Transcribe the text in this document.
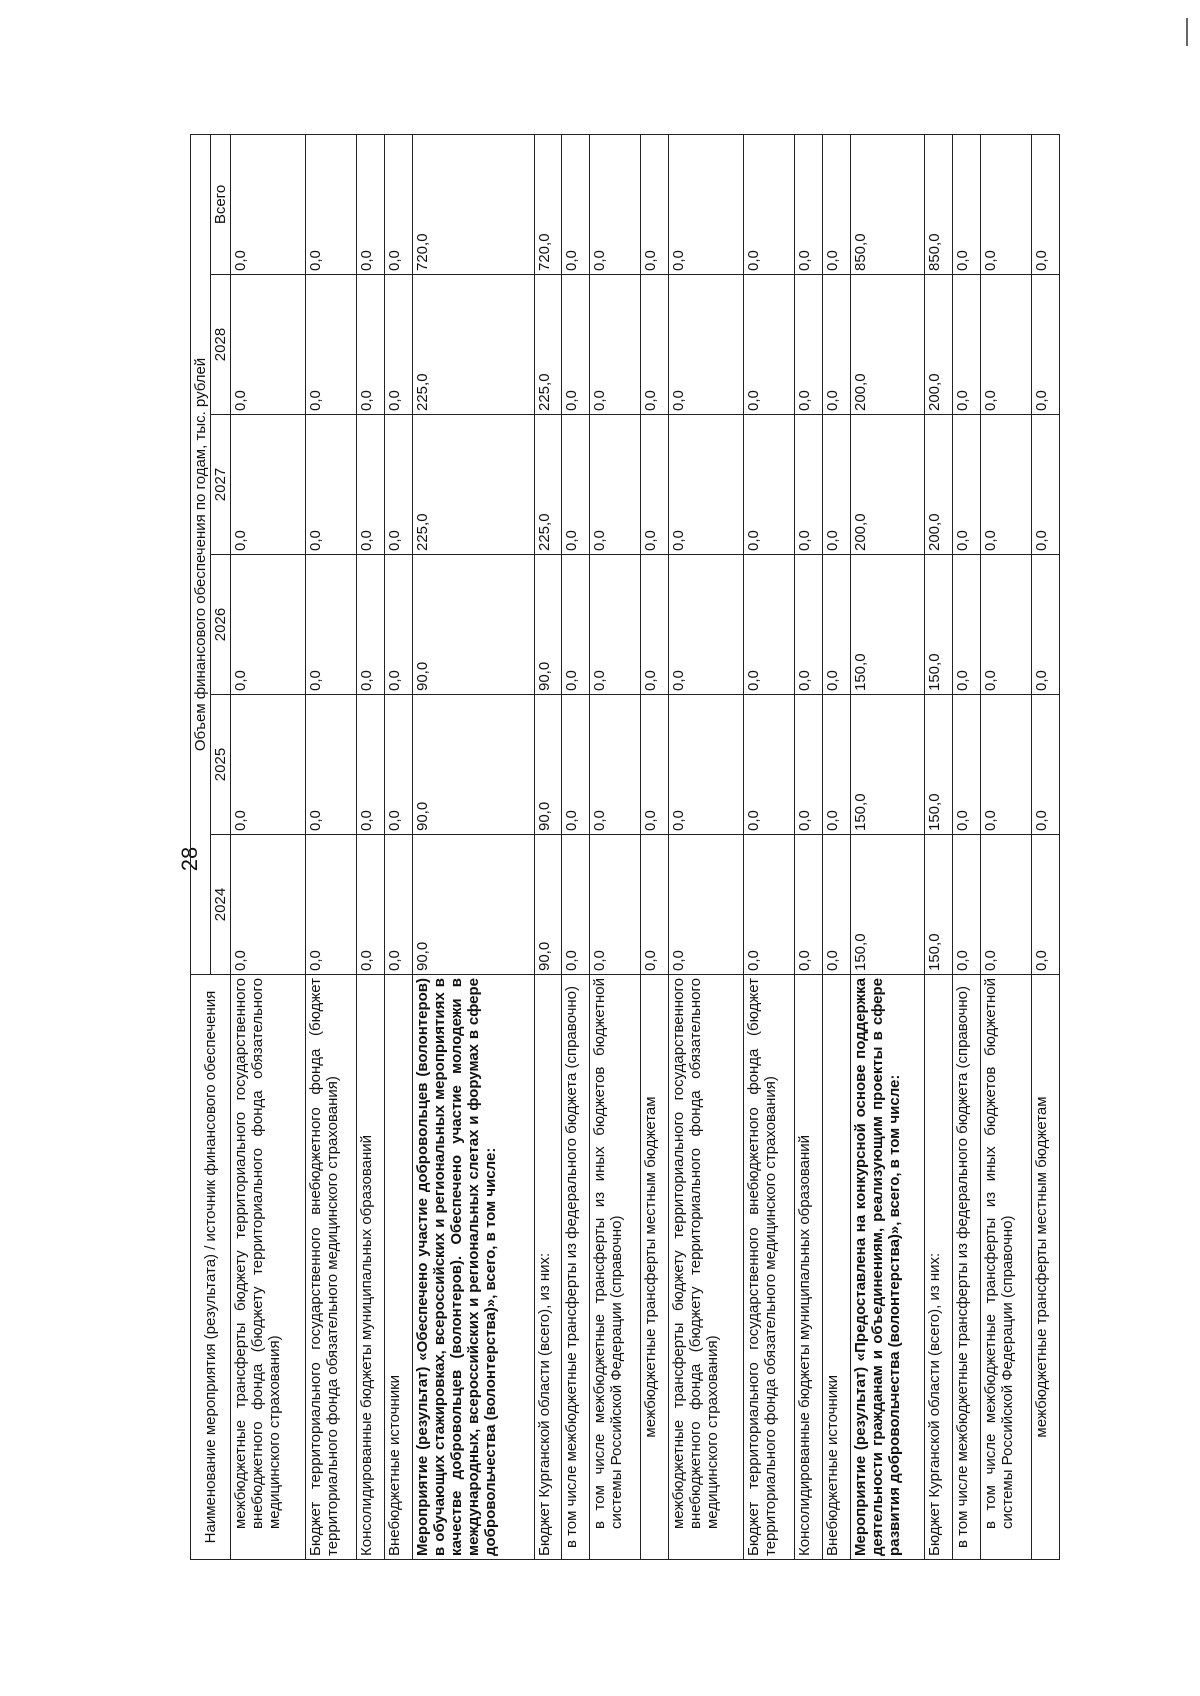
28
Наименование мероприятия (результата) / источник финансового обеспечения	Объем финансового обеспечения по годам, тыс. рублей					
	2024	2025	2026	2027	2028	Всего
межбюджетные трансферты бюджету территориального государственного внебюджетного фонда (бюджету территориального фонда обязательного медицинского страхования)	0,0	0,0	0,0	0,0	0,0	0,0
Бюджет территориального государственного внебюджетного фонда (бюджет территориального фонда обязательного медицинского страхования)	0,0	0,0	0,0	0,0	0,0	0,0
Консолидированные бюджеты муниципальных образований	0,0	0,0	0,0	0,0	0,0	0,0
Внебюджетные источники	0,0	0,0	0,0	0,0	0,0	0,0
Мероприятие (результат) «Обеспечено участие добровольцев (волонтеров) в обучающих стажировках, всероссийских и региональных мероприятиях в качестве добровольцев (волонтеров). Обеспечено участие молодежи в международных, всероссийских и региональных слетах и форумах в сфере добровольчества (волонтерства)», всего, в том числе:	90,0	90,0	90,0	225,0	225,0	720,0
Бюджет Курганской области (всего), из них:	90,0	90,0	90,0	225,0	225,0	720,0
в том числе межбюджетные трансферты из федерального бюджета (справочно)	0,0	0,0	0,0	0,0	0,0	0,0
в том числе межбюджетные трансферты из иных бюджетов бюджетной системы Российской Федерации (справочно)	0,0	0,0	0,0	0,0	0,0	0,0
межбюджетные трансферты местным бюджетам	0,0	0,0	0,0	0,0	0,0	0,0
межбюджетные трансферты бюджету территориального государственного внебюджетного фонда (бюджету территориального фонда обязательного медицинского страхования)	0,0	0,0	0,0	0,0	0,0	0,0
Бюджет территориального государственного внебюджетного фонда (бюджет территориального фонда обязательного медицинского страхования)	0,0	0,0	0,0	0,0	0,0	0,0
Консолидированные бюджеты муниципальных образований	0,0	0,0	0,0	0,0	0,0	0,0
Внебюджетные источники	0,0	0,0	0,0	0,0	0,0	0,0
Мероприятие (результат) «Предоставлена на конкурсной основе поддержка деятельности гражданам и объединениям, реализующим проекты в сфере развития добровольчества (волонтерства)», всего, в том числе:	150,0	150,0	150,0	200,0	200,0	850,0
Бюджет Курганской области (всего), из них:	150,0	150,0	150,0	200,0	200,0	850,0
в том числе межбюджетные трансферты из федерального бюджета (справочно)	0,0	0,0	0,0	0,0	0,0	0,0
в том числе межбюджетные трансферты из иных бюджетов бюджетной системы Российской Федерации (справочно)	0,0	0,0	0,0	0,0	0,0	0,0
межбюджетные трансферты местным бюджетам	0,0	0,0	0,0	0,0	0,0	0,0
